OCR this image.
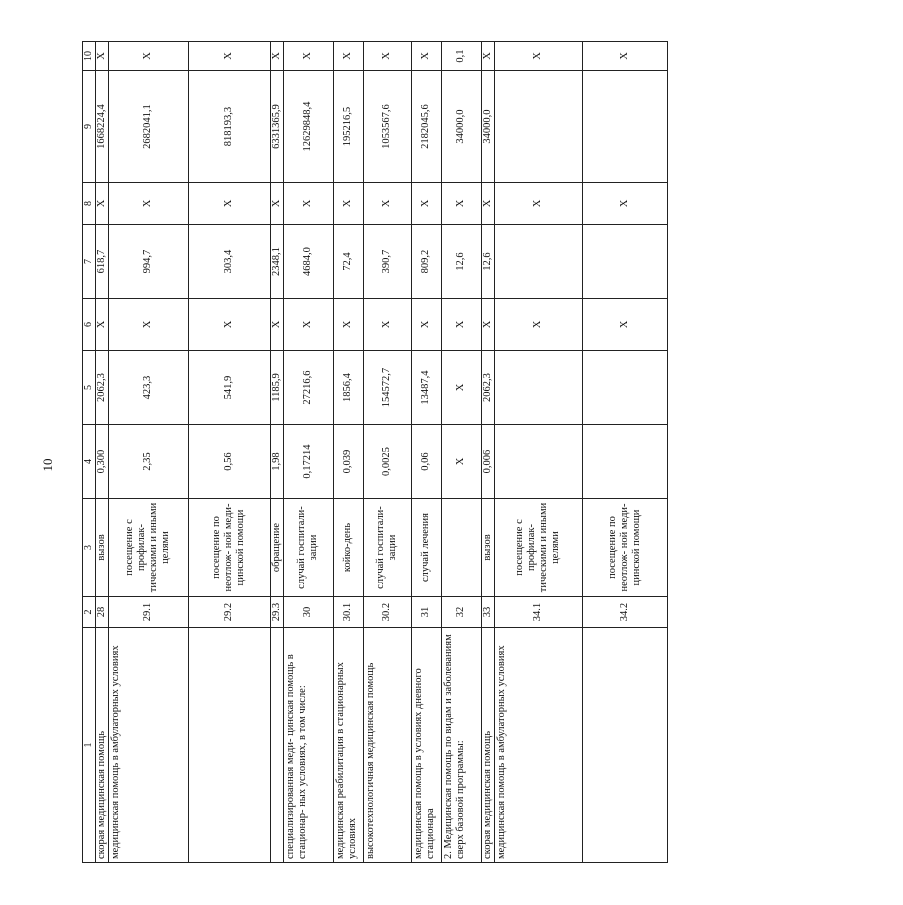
10
1	2	3	4	5	6	7	8	9	10
скорая медицинская помощь	28	вызов	0,300	2062,3	X	618,7	X	1668224,4	X
медицинская помощь в амбулаторных условиях	29.1	посещение с профилак- тическими и иными целями	2,35	423,3	X	994,7	X	2682041,1	X
	29.2	посещение по неотлож- ной меди- цинской помощи	0,56	541,9	X	303,4	X	818193,3	X
	29.3	обращение	1,98	1185,9	X	2348,1	X	6331365,9	X
специализированная меди- цинская помощь в стационар- ных условиях, в том числе:	30	случай госпитали- зации	0,17214	27216,6	X	4684,0	X	12629848,4	X
медицинская реабилитация в стационарных условиях	30.1	койко-день	0,039	1856,4	X	72,4	X	195216,5	X
высокотехнологичная медицинская помощь	30.2	случай госпитали- зации	0,0025	154572,7	X	390,7	X	1053567,6	X
медицинская помощь в условиях дневного стационара	31	случай лечения	0,06	13487,4	X	809,2	X	2182045,6	X
2. Медицинская помощь по видам и заболеваниям сверх базовой программы:	32		X	X	X	12,6	X	34000,0	0,1
скорая медицинская помощь	33	вызов	0,006	2062,3	X	12,6	X	34000,0	X
медицинская помощь в амбулаторных условиях	34.1	посещение с профилак- тическими и иными целями			X		X		X
	34.2	посещение по неотлож- ной меди- цинской помощи			X		X		X
